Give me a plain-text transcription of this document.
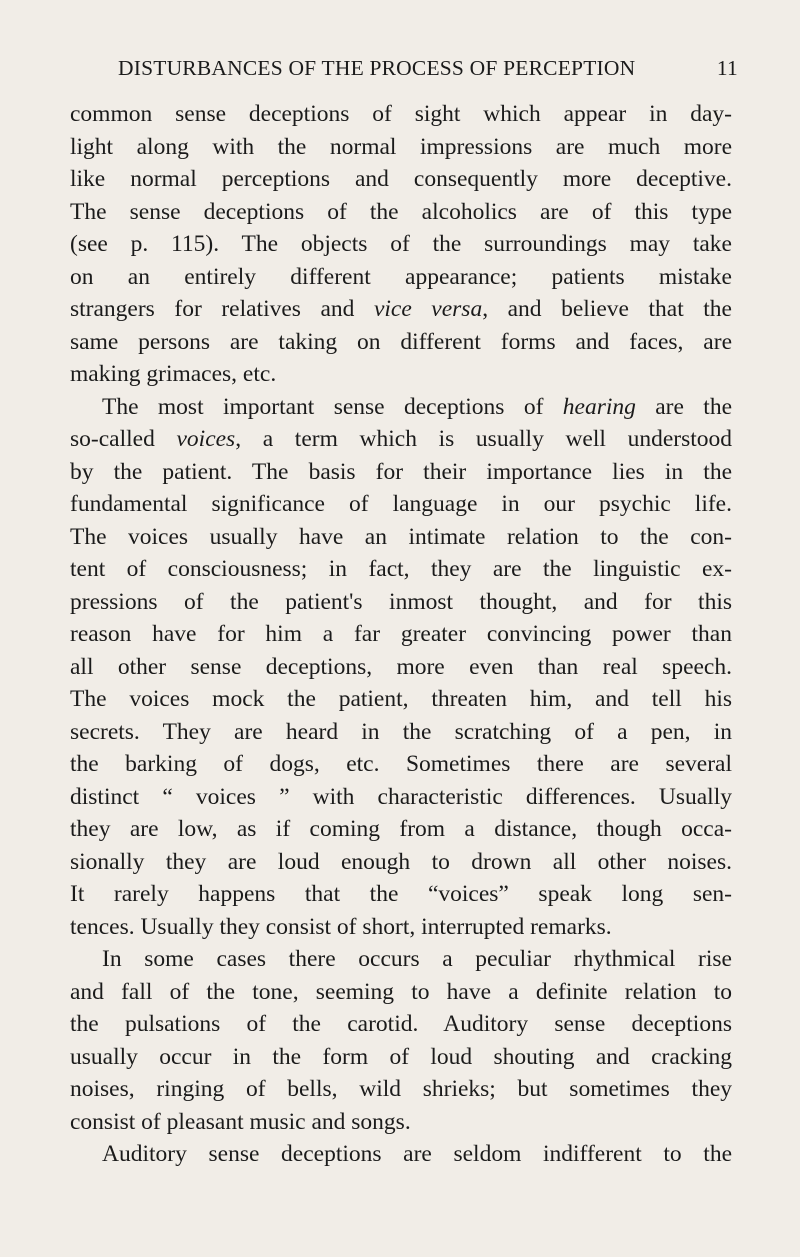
DISTURBANCES OF THE PROCESS OF PERCEPTION	11
common sense deceptions of sight which appear in day-
light along with the normal impressions are much more
like normal perceptions and consequently more deceptive.
The sense deceptions of the alcoholics are of this type
(see p. 115). The objects of the surroundings may take
on an entirely different appearance; patients mistake
strangers for relatives and vice versa, and believe that the
same persons are taking on different forms and faces, are
making grimaces, etc.
The most important sense deceptions of hearing are the
so-called voices, a term which is usually well understood
by the patient. The basis for their importance lies in the
fundamental significance of language in our psychic life.
The voices usually have an intimate relation to the con-
tent of consciousness; in fact, they are the linguistic ex-
pressions of the patient's inmost thought, and for this
reason have for him a far greater convincing power than
all other sense deceptions, more even than real speech.
The voices mock the patient, threaten him, and tell his
secrets. They are heard in the scratching of a pen, in
the barking of dogs, etc. Sometimes there are several
distinct “ voices ” with characteristic differences. Usually
they are low, as if coming from a distance, though occa-
sionally they are loud enough to drown all other noises.
It rarely happens that the “voices” speak long sen-
tences. Usually they consist of short, interrupted remarks.
In some cases there occurs a peculiar rhythmical rise
and fall of the tone, seeming to have a definite relation to
the pulsations of the carotid. Auditory sense deceptions
usually occur in the form of loud shouting and cracking
noises, ringing of bells, wild shrieks; but sometimes they
consist of pleasant music and songs.
Auditory sense deceptions are seldom indifferent to the
